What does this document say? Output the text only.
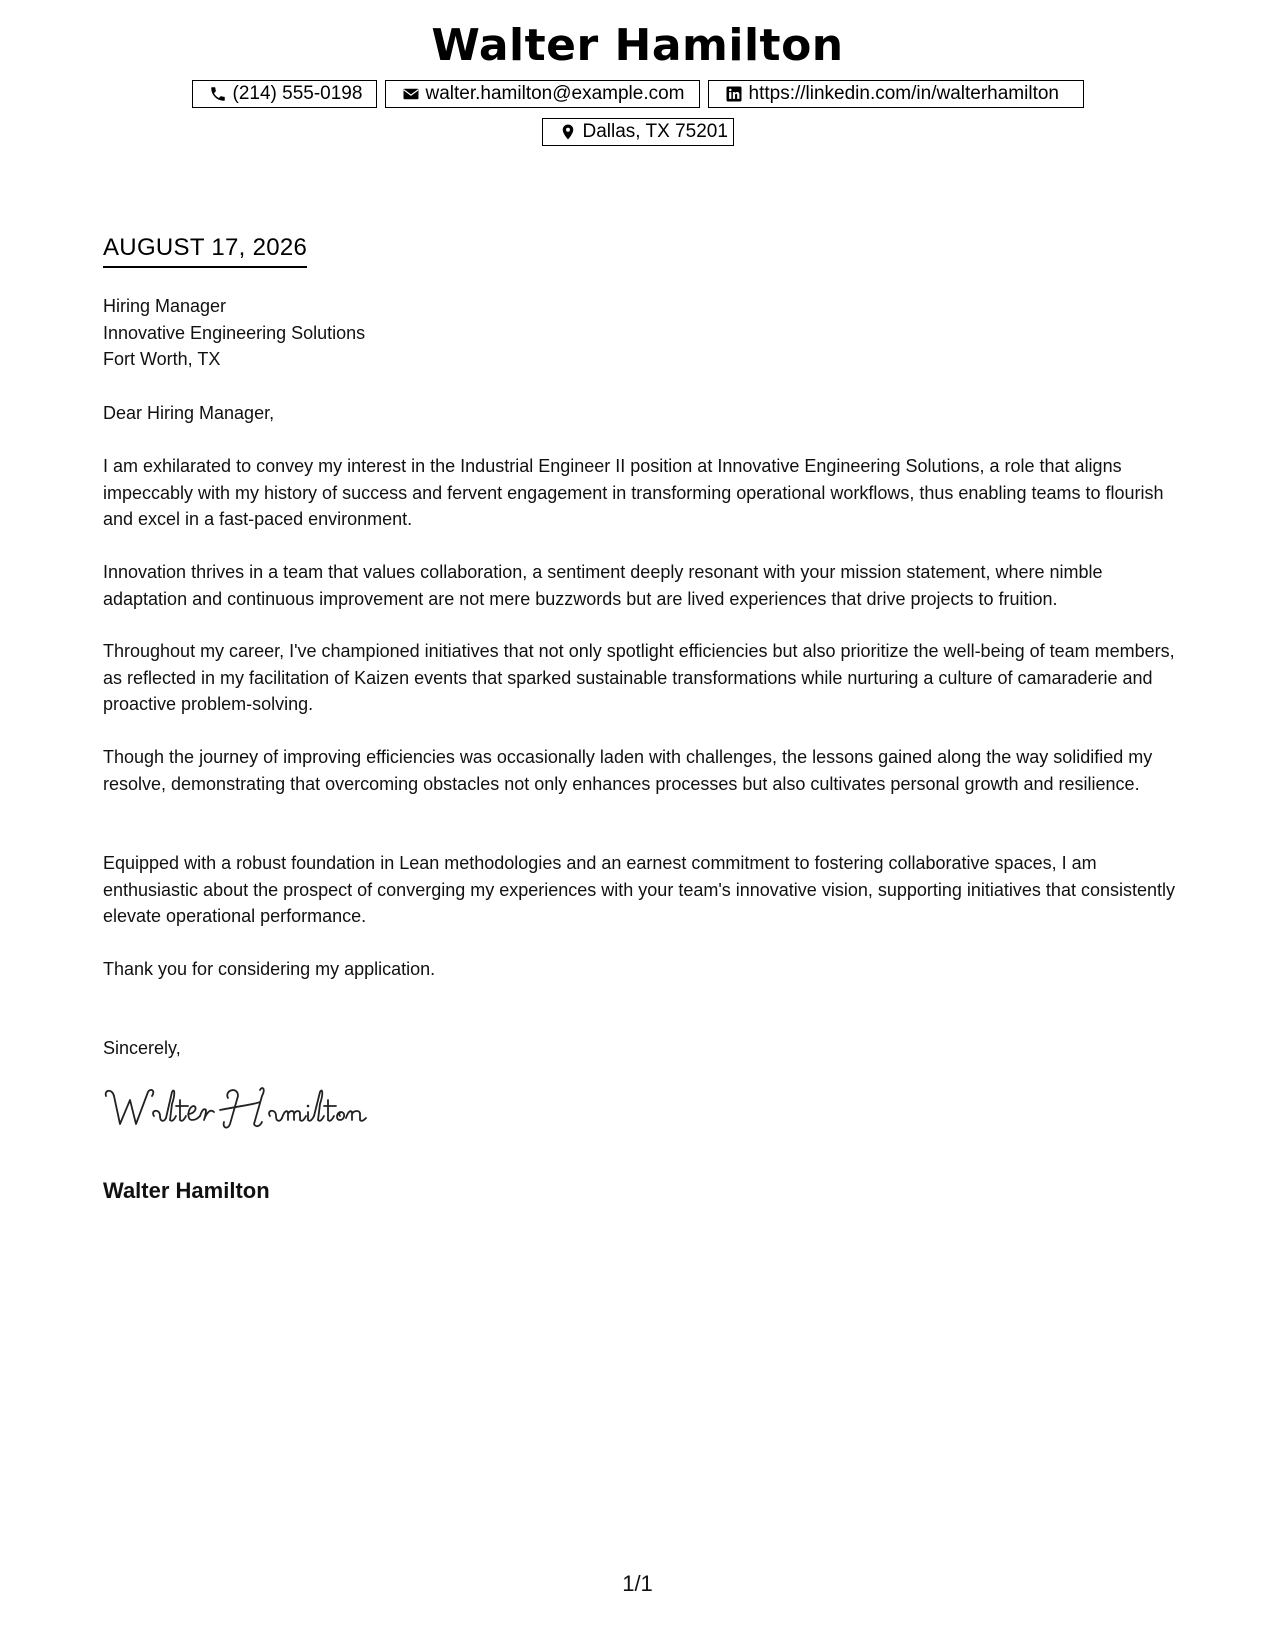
Walter Hamilton
(214) 555-0198	walter.hamilton@example.com	https://linkedin.com/in/walterhamilton
Dallas, TX 75201
AUGUST 17, 2026
Hiring Manager
Innovative Engineering Solutions
Fort Worth, TX
Dear Hiring Manager,
I am exhilarated to convey my interest in the Industrial Engineer II position at Innovative Engineering Solutions, a role that aligns impeccably with my history of success and fervent engagement in transforming operational workflows, thus enabling teams to flourish and excel in a fast-paced environment.
Innovation thrives in a team that values collaboration, a sentiment deeply resonant with your mission statement, where nimble adaptation and continuous improvement are not mere buzzwords but are lived experiences that drive projects to fruition.
Throughout my career, I've championed initiatives that not only spotlight efficiencies but also prioritize the well-being of team members, as reflected in my facilitation of Kaizen events that sparked sustainable transformations while nurturing a culture of camaraderie and proactive problem-solving.
Though the journey of improving efficiencies was occasionally laden with challenges, the lessons gained along the way solidified my resolve, demonstrating that overcoming obstacles not only enhances processes but also cultivates personal growth and resilience.
Equipped with a robust foundation in Lean methodologies and an earnest commitment to fostering collaborative spaces, I am enthusiastic about the prospect of converging my experiences with your team's innovative vision, supporting initiatives that consistently elevate operational performance.
Thank you for considering my application.
Sincerely,
Walter Hamilton
1/1
